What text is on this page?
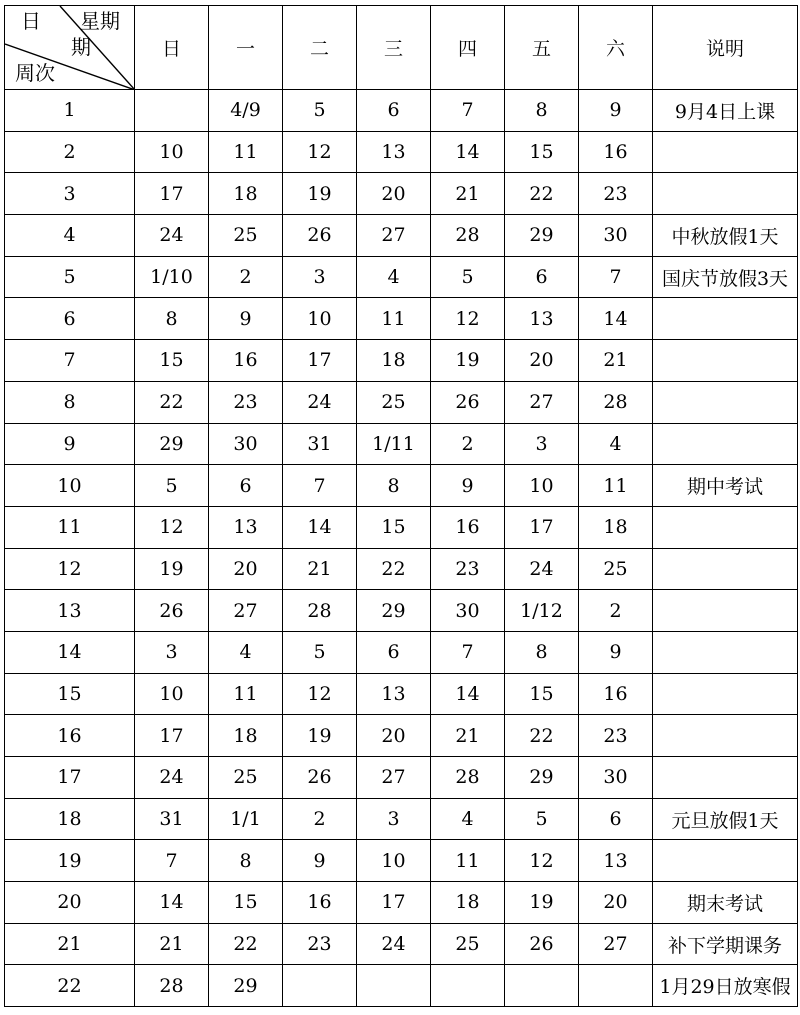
日 星期
期
周次	日	一	二	三	四	五	六	说明
1		4/9	5	6	7	8	9	9月4日上课
2	10	11	12	13	14	15	16	
3	17	18	19	20	21	22	23	
4	24	25	26	27	28	29	30	中秋放假1天
5	1/10	2	3	4	5	6	7	国庆节放假3天
6	8	9	10	11	12	13	14	
7	15	16	17	18	19	20	21	
8	22	23	24	25	26	27	28	
9	29	30	31	1/11	2	3	4	
10	5	6	7	8	9	10	11	期中考试
11	12	13	14	15	16	17	18	
12	19	20	21	22	23	24	25	
13	26	27	28	29	30	1/12	2	
14	3	4	5	6	7	8	9	
15	10	11	12	13	14	15	16	
16	17	18	19	20	21	22	23	
17	24	25	26	27	28	29	30	
18	31	1/1	2	3	4	5	6	元旦放假1天
19	7	8	9	10	11	12	13	
20	14	15	16	17	18	19	20	期末考试
21	21	22	23	24	25	26	27	补下学期课务
22	28	29						1月29日放寒假
